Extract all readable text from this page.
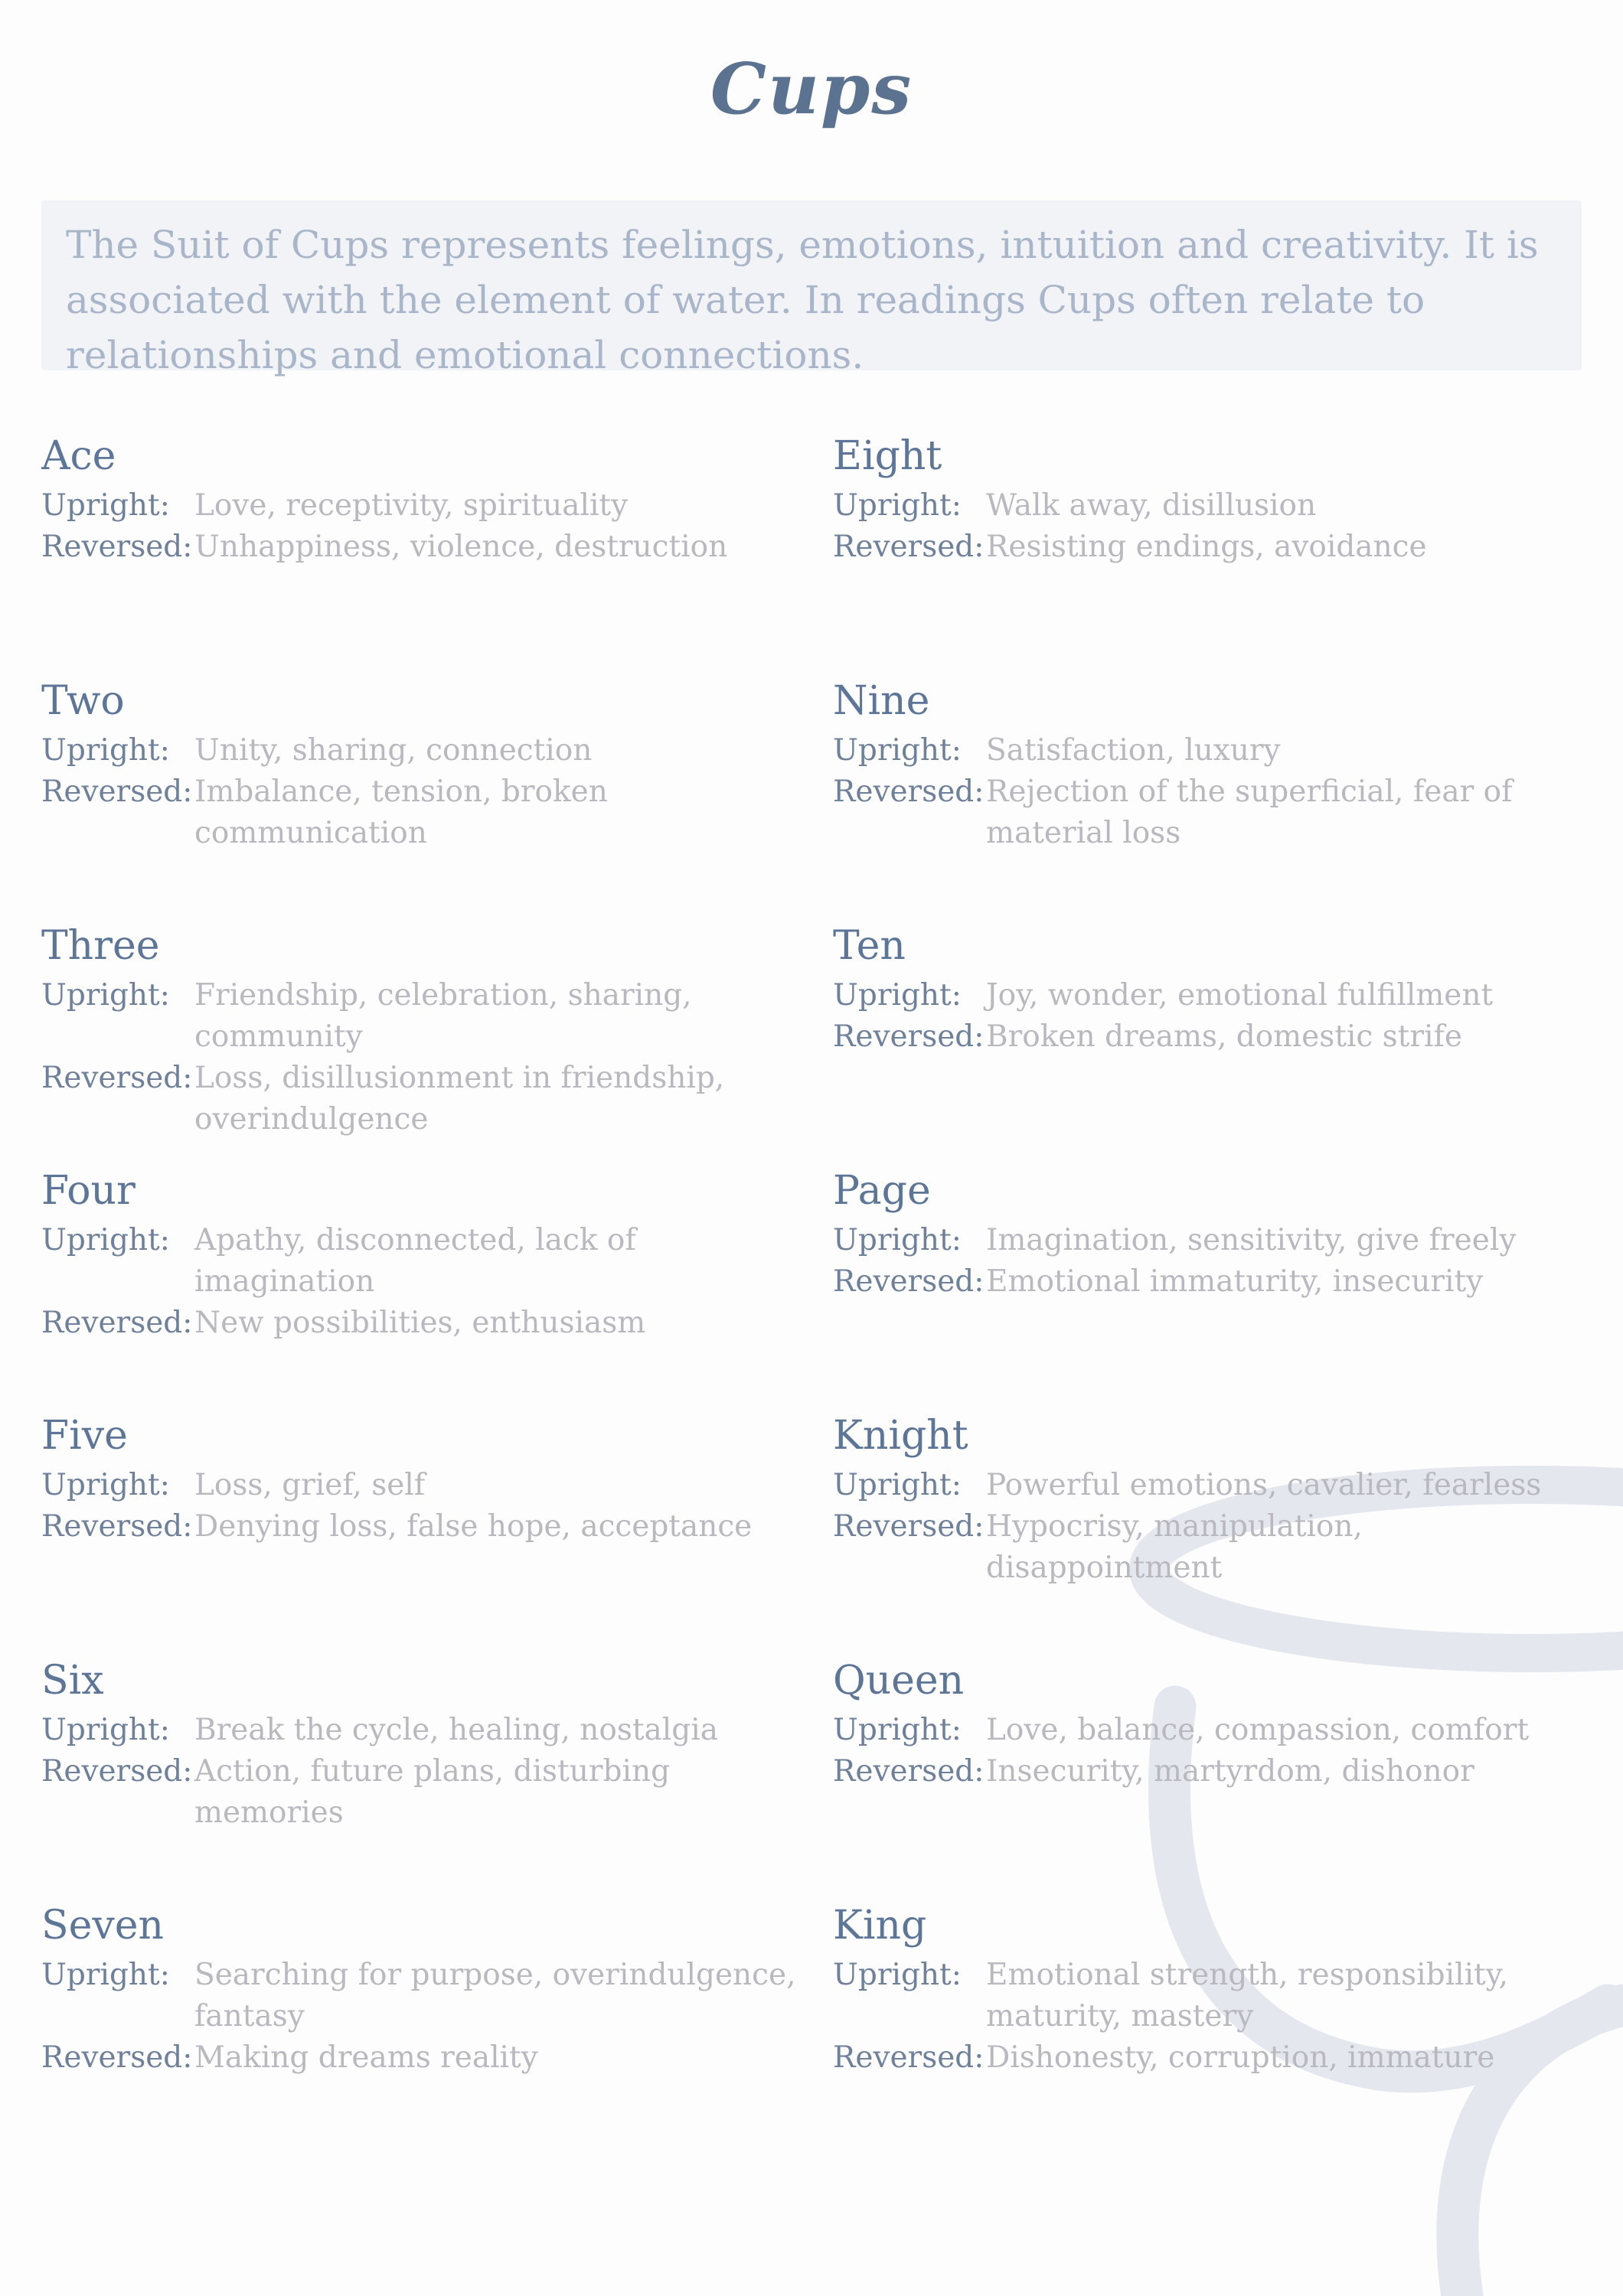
Cups
The Suit of Cups represents feelings, emotions, intuition and creativity. It is associated with the element of water. In readings Cups often relate to relationships and emotional connections.
Ace
Upright: Love, receptivity, spirituality
Reversed: Unhappiness, violence, destruction
Eight
Upright: Walk away, disillusion
Reversed: Resisting endings, avoidance
Two
Upright: Unity, sharing, connection
Reversed: Imbalance, tension, broken communication
Nine
Upright: Satisfaction, luxury
Reversed: Rejection of the superficial, fear of material loss
Three
Upright: Friendship, celebration, sharing, community
Reversed: Loss, disillusionment in friendship, overindulgence
Ten
Upright: Joy, wonder, emotional fulfillment
Reversed: Broken dreams, domestic strife
Four
Upright: Apathy, disconnected, lack of imagination
Reversed: New possibilities, enthusiasm
Page
Upright: Imagination, sensitivity, give freely
Reversed: Emotional immaturity, insecurity
Five
Upright: Loss, grief, self
Reversed: Denying loss, false hope, acceptance
Knight
Upright: Powerful emotions, cavalier, fearless
Reversed: Hypocrisy, manipulation, disappointment
Six
Upright: Break the cycle, healing, nostalgia
Reversed: Action, future plans, disturbing memories
Queen
Upright: Love, balance, compassion, comfort
Reversed: Insecurity, martyrdom, dishonor
Seven
Upright: Searching for purpose, overindulgence, fantasy
Reversed: Making dreams reality
King
Upright: Emotional strength, responsibility, maturity, mastery
Reversed: Dishonesty, corruption, immature
